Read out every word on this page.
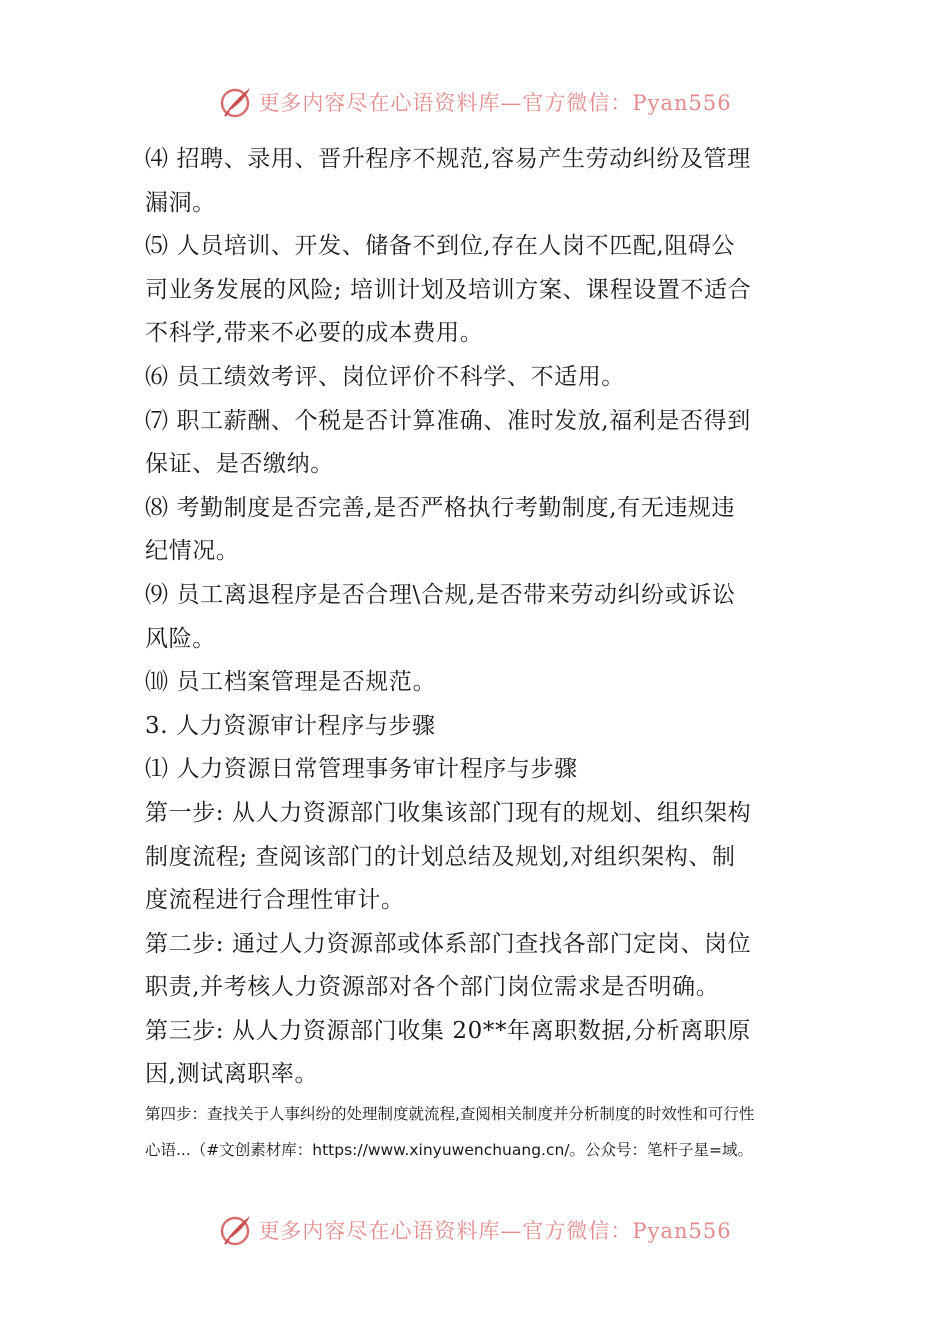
更多内容尽在心语资料库—官方微信：Pyan556
⑷ 招聘、录用、晋升程序不规范,容易产生劳动纠纷及管理
漏洞。
⑸ 人员培训、开发、储备不到位,存在人岗不匹配,阻碍公
司业务发展的风险; 培训计划及培训方案、课程设置不适合
不科学,带来不必要的成本费用。
⑹ 员工绩效考评、岗位评价不科学、不适用。
⑺ 职工薪酬、个税是否计算准确、准时发放,福利是否得到
保证、是否缴纳。
⑻ 考勤制度是否完善,是否严格执行考勤制度,有无违规违
纪情况。
⑼ 员工离退程序是否合理\合规,是否带来劳动纠纷或诉讼
风险。
⑽ 员工档案管理是否规范。
3. 人力资源审计程序与步骤
⑴ 人力资源日常管理事务审计程序与步骤
第一步: 从人力资源部门收集该部门现有的规划、组织架构
制度流程; 查阅该部门的计划总结及规划,对组织架构、制
度流程进行合理性审计。
第二步: 通过人力资源部或体系部门查找各部门定岗、岗位
职责,并考核人力资源部对各个部门岗位需求是否明确。
第三步: 从人力资源部门收集 20**年离职数据,分析离职原
因,测试离职率。
第四步：查找关于人事纠纷的处理制度就流程,查阅相关制度并分析制度的时效性和可行性
心语...（#文创素材库：https://www.xinyuwenchuang.cn/。公众号：笔杆子星=域。
更多内容尽在心语资料库—官方微信：Pyan556
